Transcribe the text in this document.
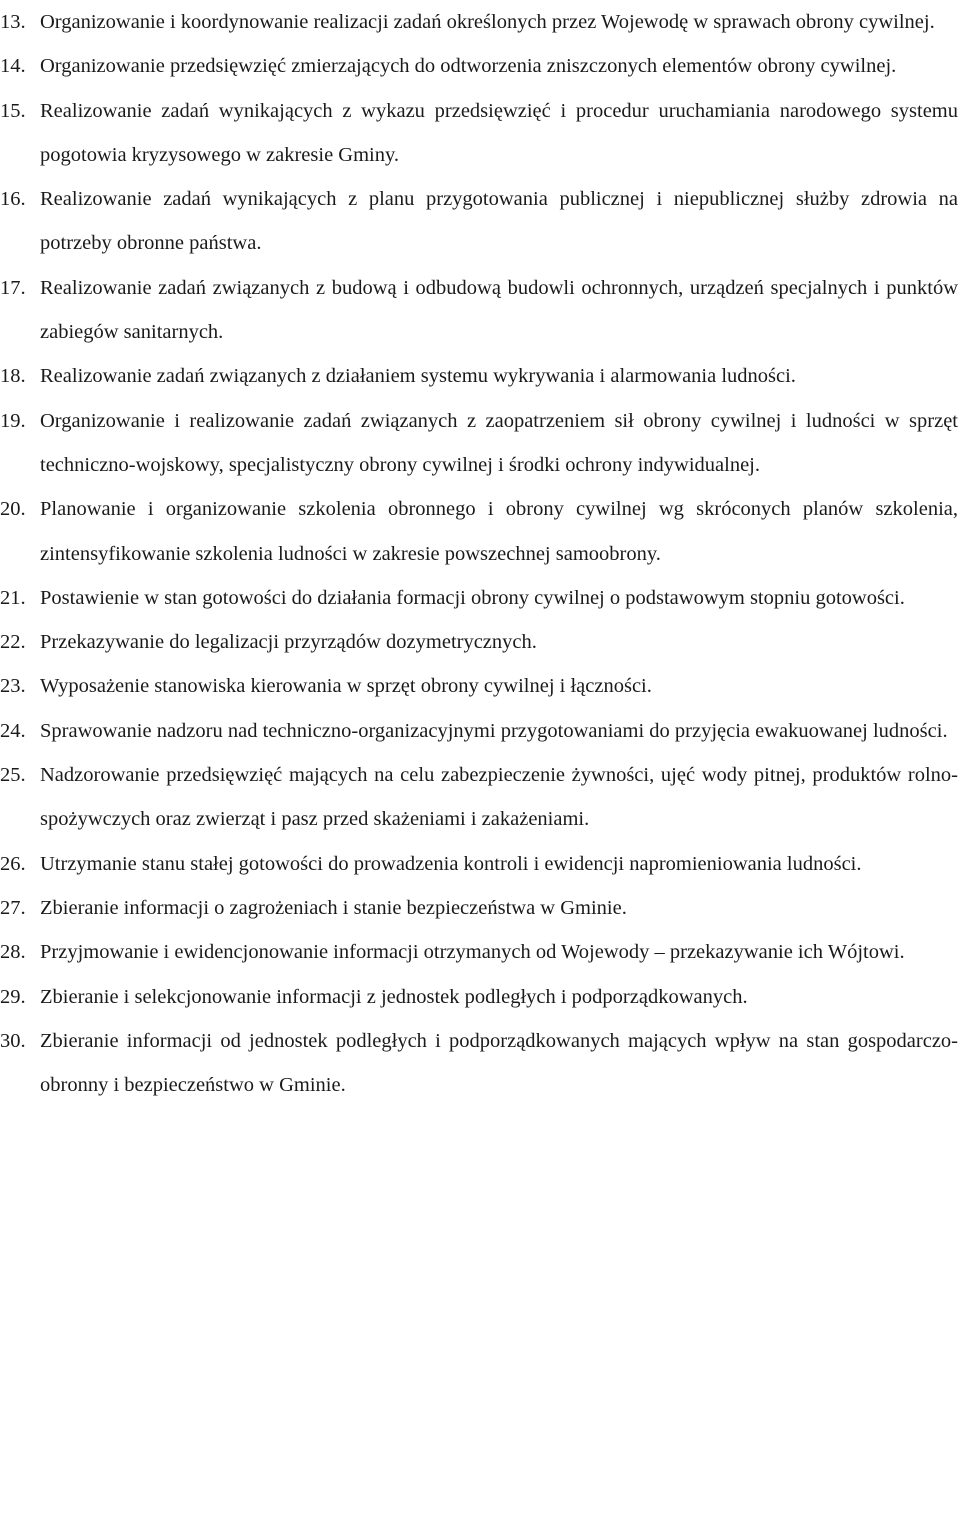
13. Organizowanie i koordynowanie realizacji zadań określonych przez Wojewodę w sprawach obrony cywilnej.
14. Organizowanie przedsięwzięć zmierzających do odtworzenia zniszczonych elementów obrony cywilnej.
15. Realizowanie zadań wynikających z wykazu przedsięwzięć i procedur uruchamiania narodowego systemu pogotowia kryzysowego w zakresie Gminy.
16. Realizowanie zadań wynikających z planu przygotowania publicznej i niepublicznej służby zdrowia na potrzeby obronne państwa.
17. Realizowanie zadań związanych z budową i odbudową budowli ochronnych, urządzeń specjalnych i punktów zabiegów sanitarnych.
18. Realizowanie zadań związanych z działaniem systemu wykrywania i alarmowania ludności.
19. Organizowanie i realizowanie zadań związanych z zaopatrzeniem sił obrony cywilnej i ludności w sprzęt techniczno-wojskowy, specjalistyczny obrony cywilnej i środki ochrony indywidualnej.
20. Planowanie i organizowanie szkolenia obronnego i obrony cywilnej wg skróconych planów szkolenia, zintensyfikowanie szkolenia ludności w zakresie powszechnej samoobrony.
21. Postawienie w stan gotowości do działania formacji obrony cywilnej o podstawowym stopniu gotowości.
22. Przekazywanie do legalizacji przyrządów dozymetrycznych.
23. Wyposażenie stanowiska kierowania w sprzęt obrony cywilnej i łączności.
24. Sprawowanie nadzoru nad techniczno-organizacyjnymi przygotowaniami do przyjęcia ewakuowanej ludności.
25. Nadzorowanie przedsięwzięć mających na celu zabezpieczenie żywności, ujęć wody pitnej, produktów rolno-spożywczych oraz zwierząt i pasz przed skażeniami i zakażeniami.
26. Utrzymanie stanu stałej gotowości do prowadzenia kontroli i ewidencji napromieniowania ludności.
27. Zbieranie informacji o zagrożeniach i stanie bezpieczeństwa w Gminie.
28. Przyjmowanie i ewidencjonowanie informacji otrzymanych od Wojewody – przekazywanie ich Wójtowi.
29. Zbieranie i selekcjonowanie informacji z jednostek podległych i podporządkowanych.
30. Zbieranie informacji od jednostek podległych i podporządkowanych mających wpływ na stan gospodarczo-obronny i bezpieczeństwo w Gminie.
